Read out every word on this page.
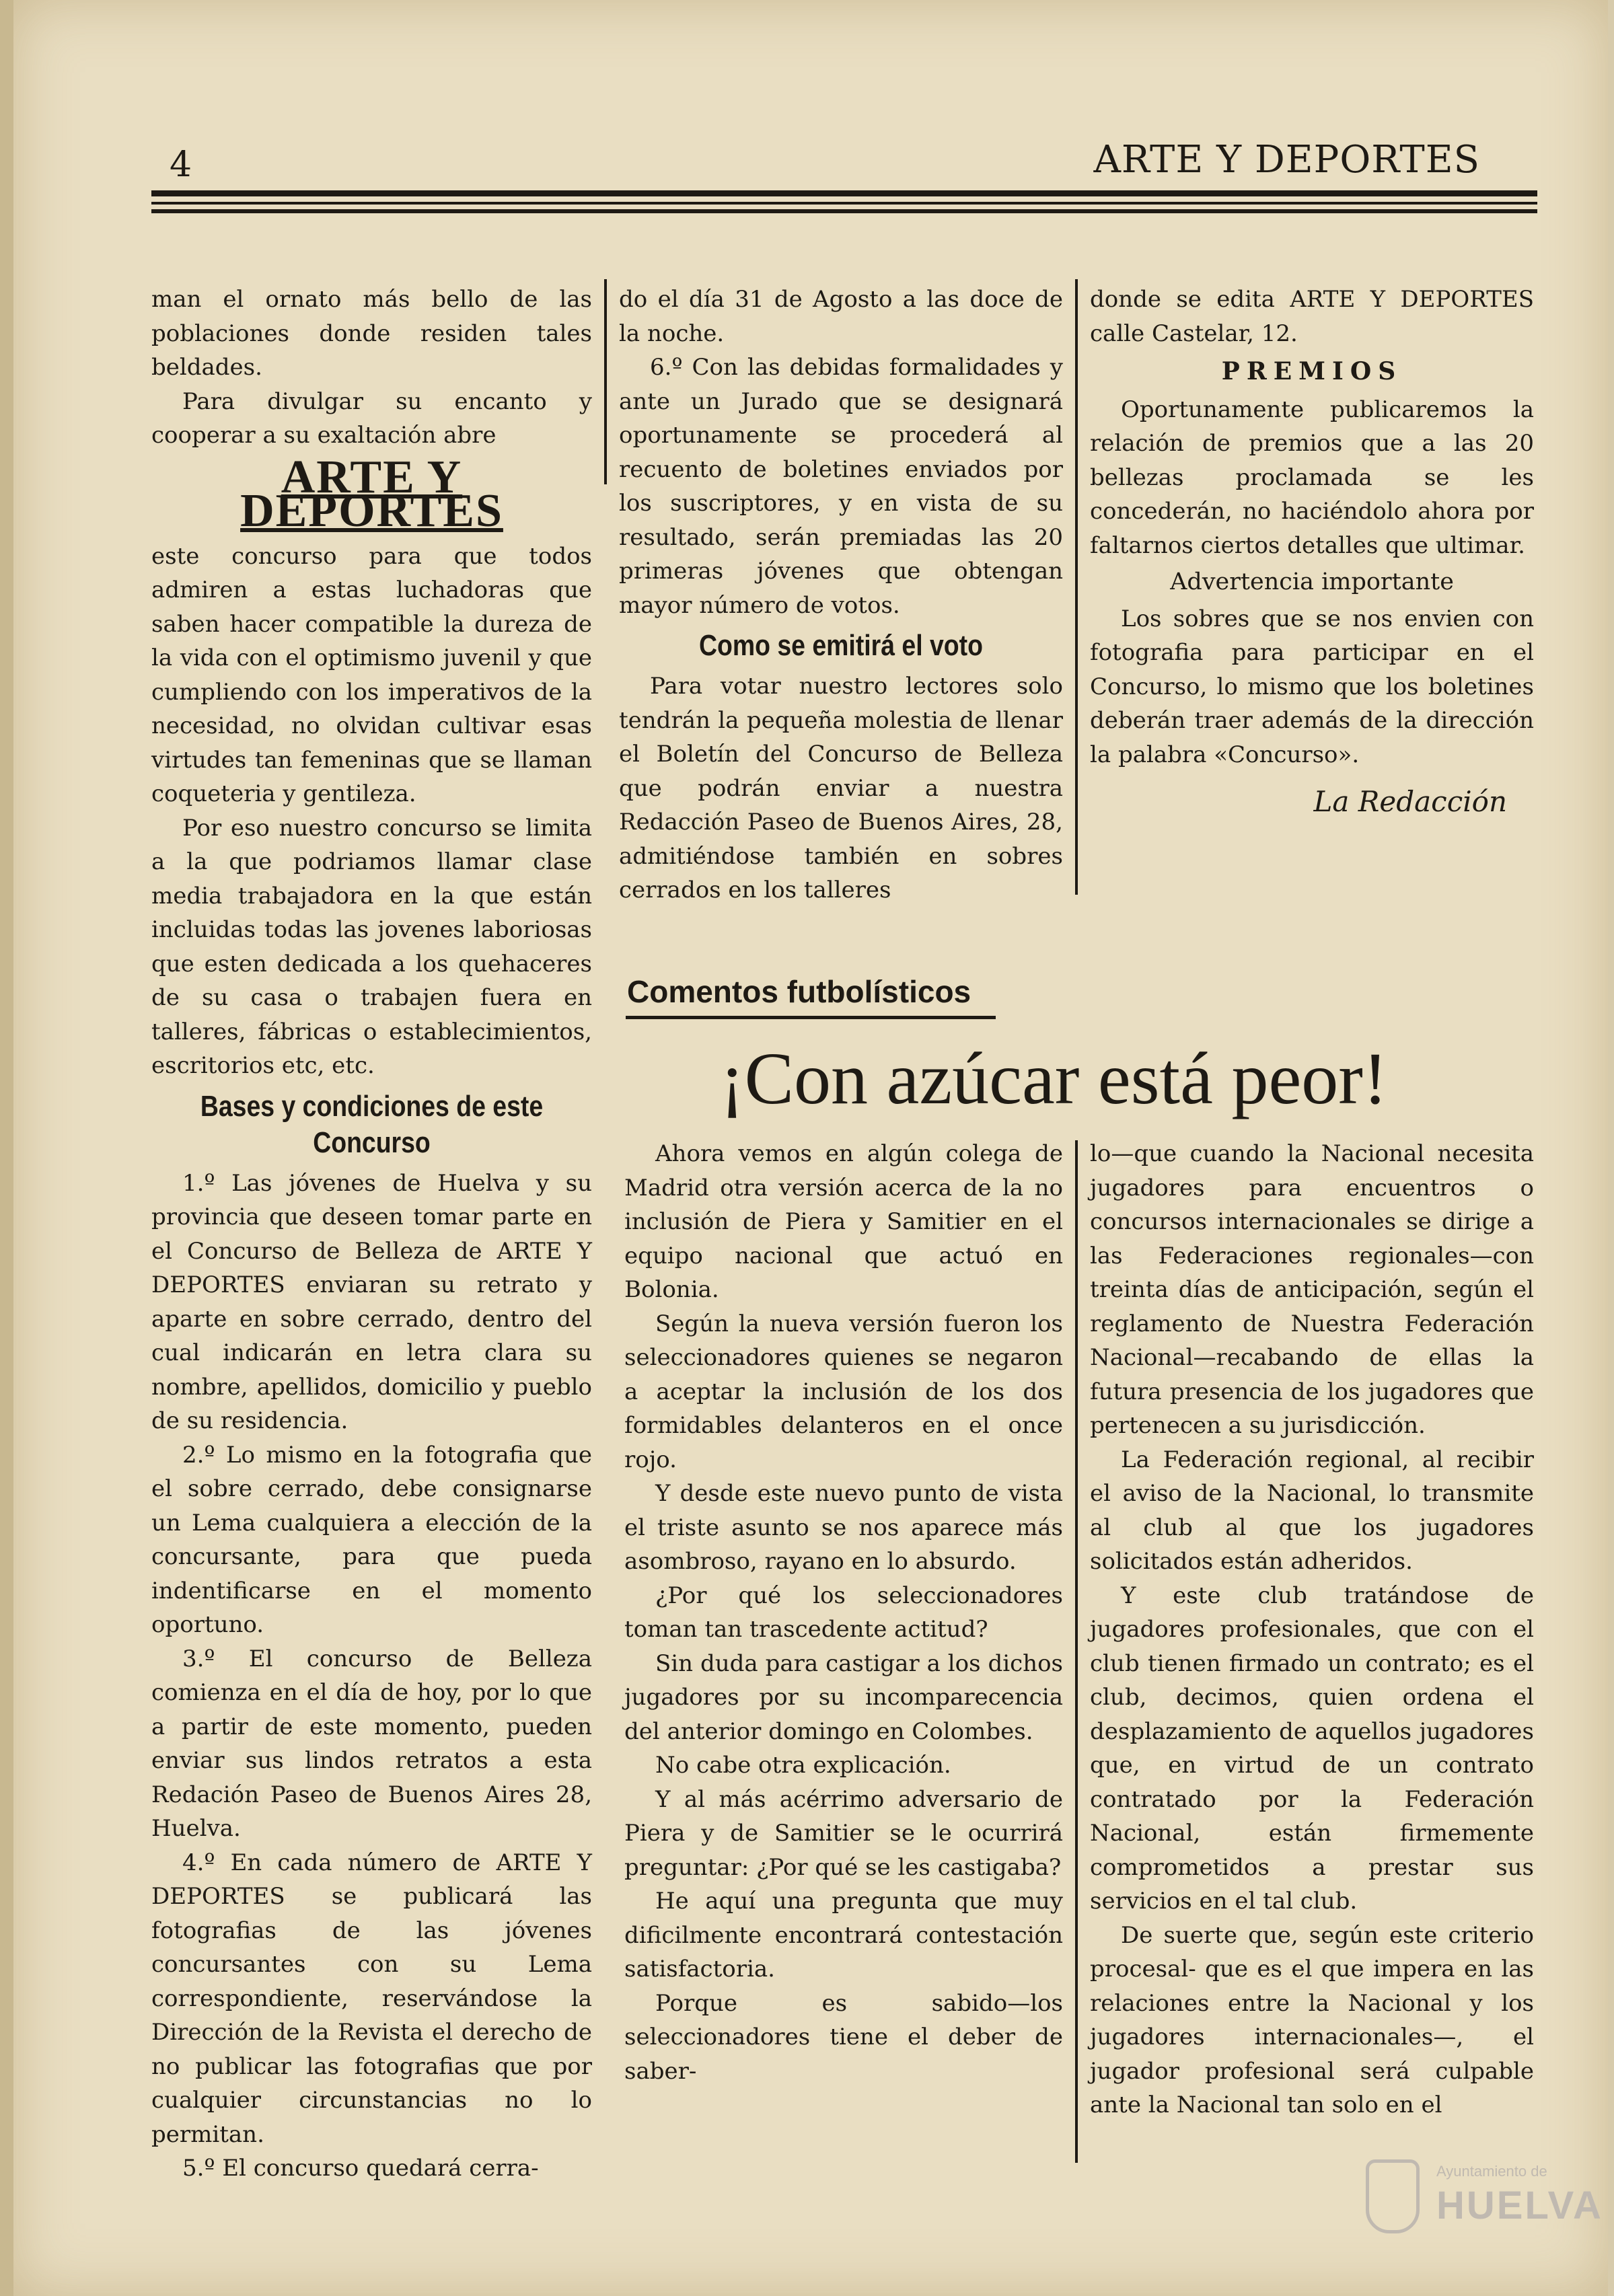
4	ARTE Y DEPORTES

man el ornato más bello de las poblaciones donde residen tales beldades.

Para divulgar su encanto y cooperar a su exaltación abre

ARTE Y DEPORTES

este concurso para que todos admiren a estas luchadoras que saben hacer compatible la dureza de la vida con el optimismo juvenil y que cumpliendo con los imperativos de la necesidad, no olvidan cultivar esas virtudes tan femeninas que se llaman coqueteria y gentileza.

Por eso nuestro concurso se limita a la que podriamos llamar clase media trabajadora en la que están incluidas todas las jovenes laboriosas que esten dedicada a los quehaceres de su casa o trabajen fuera en talleres, fábricas o establecimientos, escritorios etc, etc.

Bases y condiciones de este Concurso

1.º Las jóvenes de Huelva y su provincia que deseen tomar parte en el Concurso de Belleza de ARTE Y DEPORTES enviaran su retrato y aparte en sobre cerrado, dentro del cual indicarán en letra clara su nombre, apellidos, domicilio y pueblo de su residencia.

2.º Lo mismo en la fotografia que el sobre cerrado, debe consignarse un Lema cualquiera a elección de la concursante, para que pueda indentificarse en el momento oportuno.

3.º El concurso de Belleza comienza en el día de hoy, por lo que a partir de este momento, pueden enviar sus lindos retratos a esta Redación Paseo de Buenos Aires 28, Huelva.

4.º En cada número de ARTE Y DEPORTES se publicará las fotografias de las jóvenes concursantes con su Lema correspondiente, reservándose la Dirección de la Revista el derecho de no publicar las fotografias que por cualquier circunstancias no lo permitan.

5.º El concurso quedará cerra-

do el día 31 de Agosto a las doce de la noche.

6.º Con las debidas formalidades y ante un Jurado que se designará oportunamente se procederá al recuento de boletines enviados por los suscriptores, y en vista de su resultado, serán premiadas las 20 primeras jóvenes que obtengan mayor número de votos.

Como se emitirá el voto

Para votar nuestro lectores solo tendrán la pequeña molestia de llenar el Boletín del Concurso de Belleza que podrán enviar a nuestra Redacción Paseo de Buenos Aires, 28, admitiéndose también en sobres cerrados en los talleres

donde se edita ARTE Y DEPORTES calle Castelar, 12.

PREMIOS

Oportunamente publicaremos la relación de premios que a las 20 bellezas proclamada se les concederán, no haciéndolo ahora por faltarnos ciertos detalles que ultimar.

Advertencia importante

Los sobres que se nos envien con fotografia para participar en el Concurso, lo mismo que los boletines deberán traer además de la dirección la palabra «Concurso».

La Redacción
Comentos futbolísticos
¡Con azúcar está peor!

Ahora vemos en algún colega de Madrid otra versión acerca de la no inclusión de Piera y Samitier en el equipo nacional que actuó en Bolonia.

Según la nueva versión fueron los seleccionadores quienes se negaron a aceptar la inclusión de los dos formidables delanteros en el once rojo.

Y desde este nuevo punto de vista el triste asunto se nos aparece más asombroso, rayano en lo absurdo.

¿Por qué los seleccionadores toman tan trascedente actitud?

Sin duda para castigar a los dichos jugadores por su incomparecencia del anterior domingo en Colombes.

No cabe otra explicación.

Y al más acérrimo adversario de Piera y de Samitier se le ocurrirá preguntar: ¿Por qué se les castigaba?

He aquí una pregunta que muy dificilmente encontrará contestación satisfactoria.

Porque es sabido—los seleccionadores tiene el deber de saber-

lo—que cuando la Nacional necesita jugadores para encuentros o concursos internacionales se dirige a las Federaciones regionales—con treinta días de anticipación, según el reglamento de Nuestra Federación Nacional—recabando de ellas la futura presencia de los jugadores que pertenecen a su jurisdicción.

La Federación regional, al recibir el aviso de la Nacional, lo transmite al club al que los jugadores solicitados están adheridos.

Y este club tratándose de jugadores profesionales, que con el club tienen firmado un contrato; es el club, decimos, quien ordena el desplazamiento de aquellos jugadores que, en virtud de un contrato contratado por la Federación Nacional, están firmemente comprometidos a prestar sus servicios en el tal club.

De suerte que, según este criterio procesal- que es el que impera en las relaciones entre la Nacional y los jugadores internacionales—, el jugador profesional será culpable ante la Nacional tan solo en el

Ayuntamiento de
HUELVA
